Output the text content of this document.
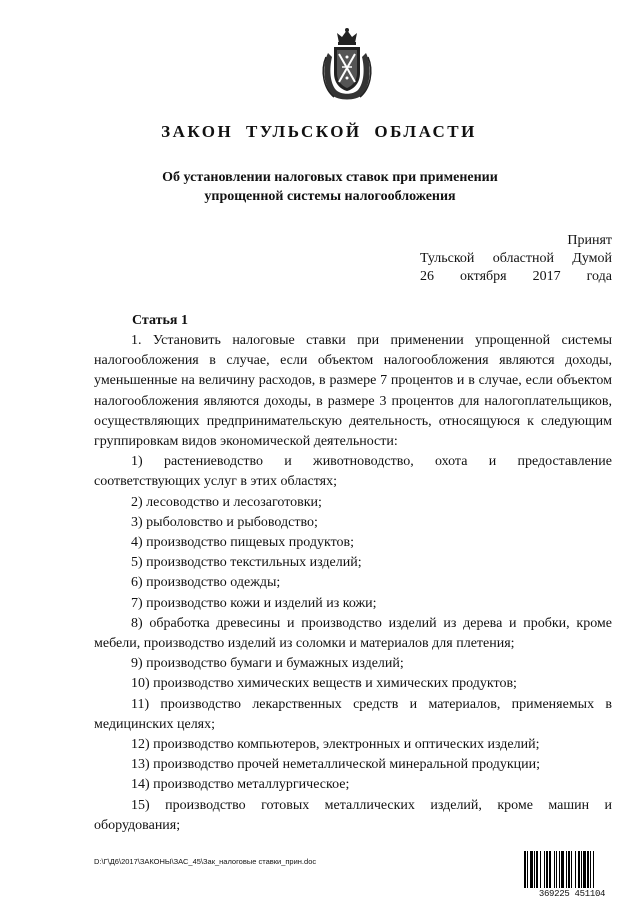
ЗАКОН ТУЛЬСКОЙ ОБЛАСТИ
Об установлении налоговых ставок при применении
упрощенной системы налогообложения
Принят
Тульской областной Думой
26 октября 2017 года
Статья 1

1. Установить налоговые ставки при применении упрощенной системы налогообложения в случае, если объектом налогообложения являются доходы, уменьшенные на величину расходов, в размере 7 процентов и в случае, если объектом налогообложения являются доходы, в размере 3 процентов для налогоплательщиков, осуществляющих предпринимательскую деятельность, относящуюся к следующим группировкам видов экономической деятельности:

1) растениеводство и животноводство, охота и предоставление соответствующих услуг в этих областях;

2) лесоводство и лесозаготовки;

3) рыболовство и рыбоводство;

4) производство пищевых продуктов;

5) производство текстильных изделий;

6) производство одежды;

7) производство кожи и изделий из кожи;

8) обработка древесины и производство изделий из дерева и пробки, кроме мебели, производство изделий из соломки и материалов для плетения;

9) производство бумаги и бумажных изделий;

10) производство химических веществ и химических продуктов;

11) производство лекарственных средств и материалов, применяемых в медицинских целях;

12) производство компьютеров, электронных и оптических изделий;

13) производство прочей неметаллической минеральной продукции;

14) производство металлургическое;

15) производство готовых металлических изделий, кроме машин и оборудования;

D:\Г\Д6\2017\ЗАКОНЫ\ЗАС_45\Зак_налоговые ставки_прин.doc
369225 451104
